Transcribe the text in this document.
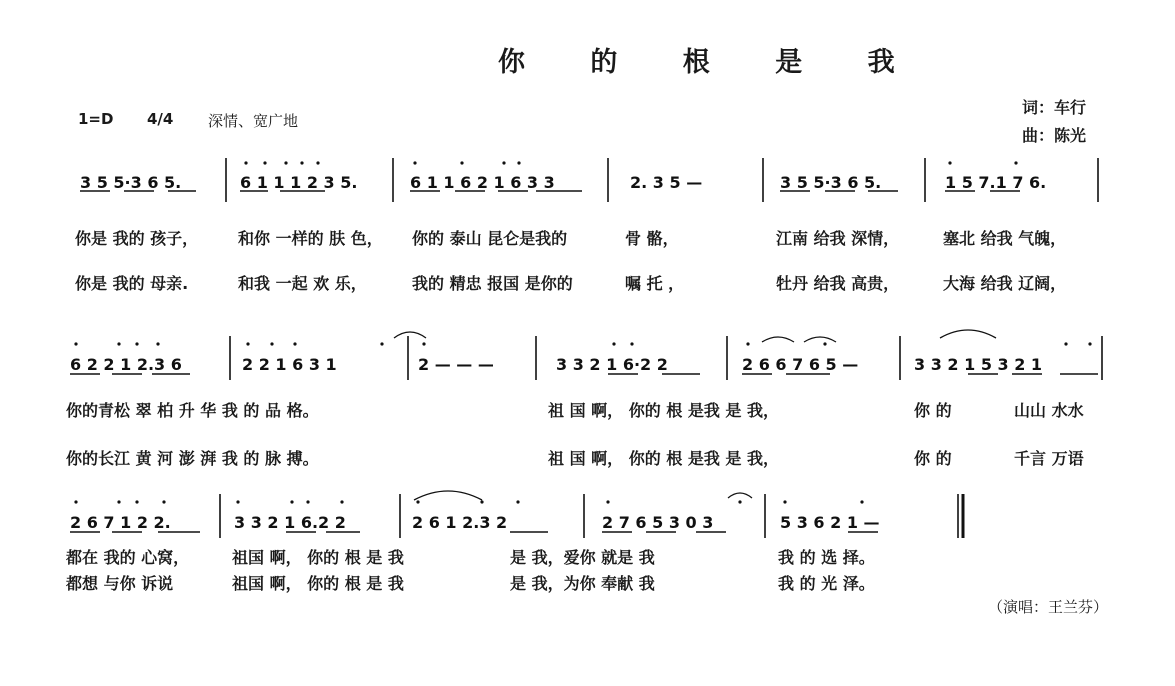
你 的 根 是 我
1=D 4/4 深情、宽广地
词：车行
曲：陈光
3 5 5·3 6 5.	6 1 1 1 2 3 5.	6 1 1 6 2 1 6 3 3	2. 3 5 —	3 5 5·3 6 5.	1 5 7.1 7 6.
你是 我的 孩子， 和你 一样的 肤 色， 你的 泰山 昆仑是我的	骨 骼，	江南 给我 深情，	塞北 给我 气魄，
你是 我的 母亲.	和我 一起 欢 乐，	我的 精忠 报国 是你的	嘱 托 ，	牡丹 给我 高贵，	大海 给我 辽阔，
6 2 2 1 2.3 6	2 2 1 6 3 1	2 — — —	3 3 2 1 6·2 2	2 6 6 7 6 5 —	3 3 2 1 5 3 2 1
你的青松 翠 柏 升 华 我 的 品 格。	祖 国 啊， 你的 根 是我 是 我，	你 的	山山 水水
你的长江 黄 河 澎 湃 我 的 脉 搏。	祖 国 啊， 你的 根 是我 是 我，	你 的	千言 万语
2 6 7 1 2 2.	3 3 2 1 6.2 2	2 6 1 2.3 2	2 7 6 5 3 0 3	5 3 6 2 1 —
都在 我的 心窝，	祖国 啊， 你的 根 是 我	是 我，爱你 就是 我	我 的 选 择。
都想 与你 诉说	祖国 啊， 你的 根 是 我	是 我，为你 奉献 我	我 的 光 泽。
（演唱：王兰芬）
